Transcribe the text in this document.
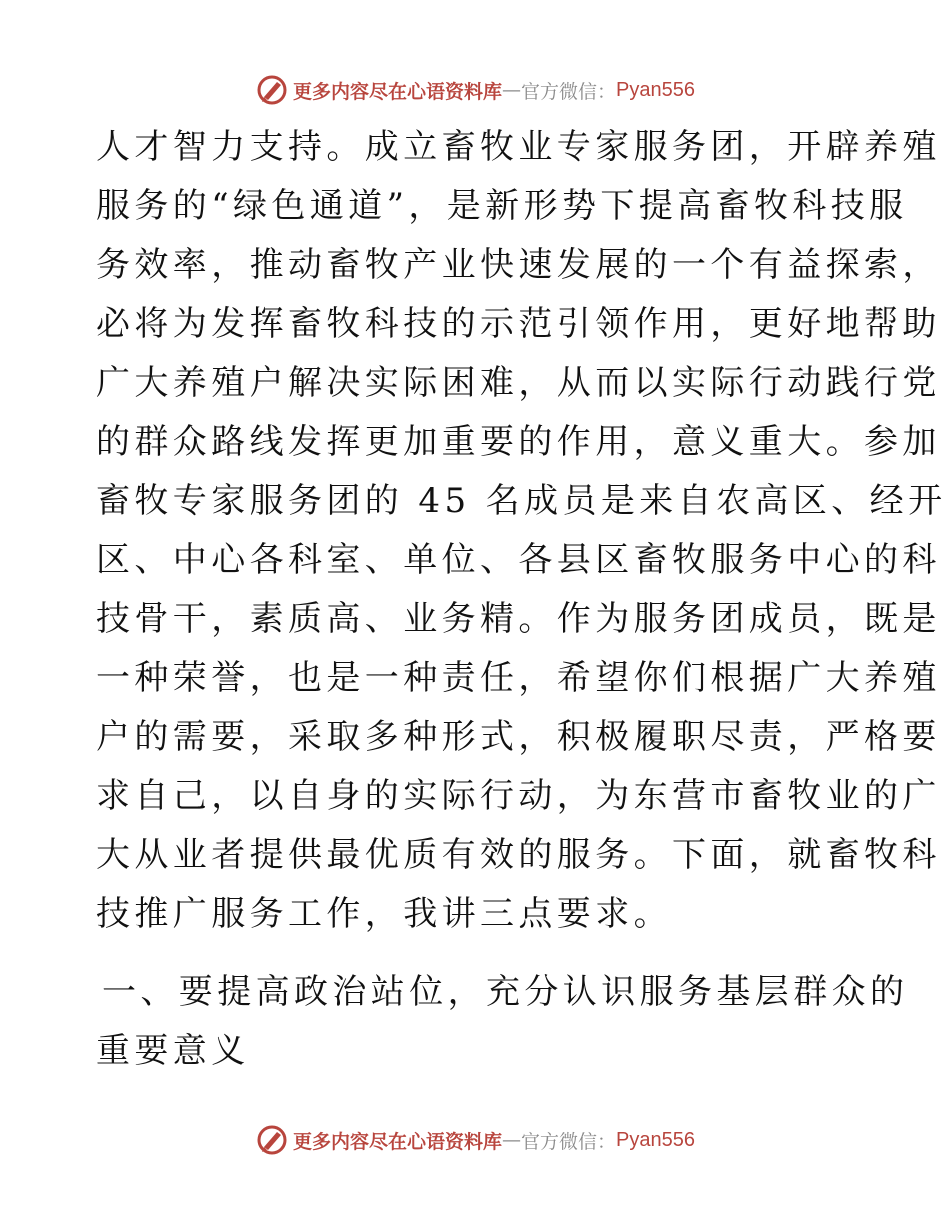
更多内容尽在心语资料库 — 官方微信： Pyan556
人才智力支持。成立畜牧业专家服务团，开辟养殖
服务的“绿色通道”，是新形势下提高畜牧科技服
务效率，推动畜牧产业快速发展的一个有益探索，
必将为发挥畜牧科技的示范引领作用，更好地帮助
广大养殖户解决实际困难，从而以实际行动践行党
的群众路线发挥更加重要的作用，意义重大。参加
畜牧专家服务团的 45 名成员是来自农高区、经开
区、中心各科室、单位、各县区畜牧服务中心的科
技骨干，素质高、业务精。作为服务团成员，既是
一种荣誉，也是一种责任，希望你们根据广大养殖
户的需要，采取多种形式，积极履职尽责，严格要
求自己，以自身的实际行动，为东营市畜牧业的广
大从业者提供最优质有效的服务。下面，就畜牧科
技推广服务工作，我讲三点要求。
一、要提高政治站位，充分认识服务基层群众的
重要意义
更多内容尽在心语资料库 — 官方微信： Pyan556
